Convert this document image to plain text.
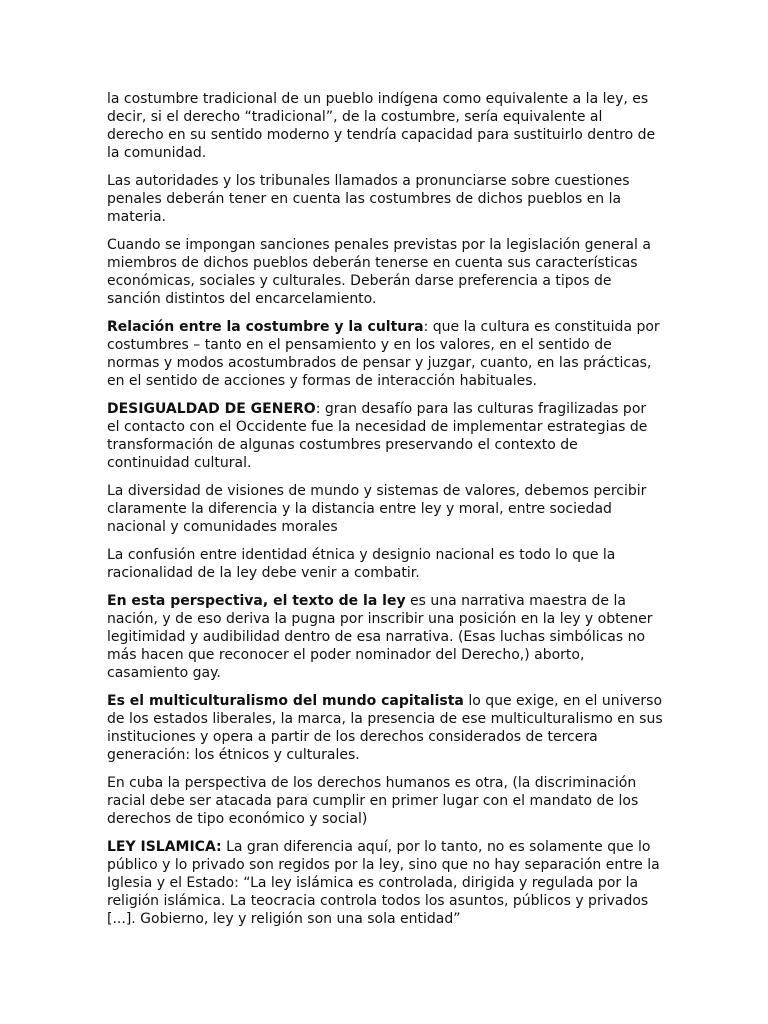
la costumbre tradicional de un pueblo indígena como equivalente a la ley, es decir, si el derecho “tradicional”, de la costumbre, sería equivalente al derecho en su sentido moderno y tendría capacidad para sustituirlo dentro de la comunidad.

Las autoridades y los tribunales llamados a pronunciarse sobre cuestiones penales deberán tener en cuenta las costumbres de dichos pueblos en la materia.

Cuando se impongan sanciones penales previstas por la legislación general a miembros de dichos pueblos deberán tenerse en cuenta sus características económicas, sociales y culturales. Deberán darse preferencia a tipos de sanción distintos del encarcelamiento.

Relación entre la costumbre y la cultura: que la cultura es constituida por costumbres – tanto en el pensamiento y en los valores, en el sentido de normas y modos acostumbrados de pensar y juzgar, cuanto, en las prácticas, en el sentido de acciones y formas de interacción habituales.

DESIGUALDAD DE GENERO: gran desafío para las culturas fragilizadas por el contacto con el Occidente fue la necesidad de implementar estrategias de transformación de algunas costumbres preservando el contexto de continuidad cultural.

La diversidad de visiones de mundo y sistemas de valores, debemos percibir claramente la diferencia y la distancia entre ley y moral, entre sociedad nacional y comunidades morales

La confusión entre identidad étnica y designio nacional es todo lo que la racionalidad de la ley debe venir a combatir.

En esta perspectiva, el texto de la ley es una narrativa maestra de la nación, y de eso deriva la pugna por inscribir una posición en la ley y obtener legitimidad y audibilidad dentro de esa narrativa. (Esas luchas simbólicas no más hacen que reconocer el poder nominador del Derecho,) aborto, casamiento gay.

Es el multiculturalismo del mundo capitalista lo que exige, en el universo de los estados liberales, la marca, la presencia de ese multiculturalismo en sus instituciones y opera a partir de los derechos considerados de tercera generación: los étnicos y culturales.

En cuba la perspectiva de los derechos humanos es otra, (la discriminación racial debe ser atacada para cumplir en primer lugar con el mandato de los derechos de tipo económico y social)

LEY ISLAMICA: La gran diferencia aquí, por lo tanto, no es solamente que lo público y lo privado son regidos por la ley, sino que no hay separación entre la Iglesia y el Estado: “La ley islámica es controlada, dirigida y regulada por la religión islámica. La teocracia controla todos los asuntos, públicos y privados [...]. Gobierno, ley y religión son una sola entidad”
